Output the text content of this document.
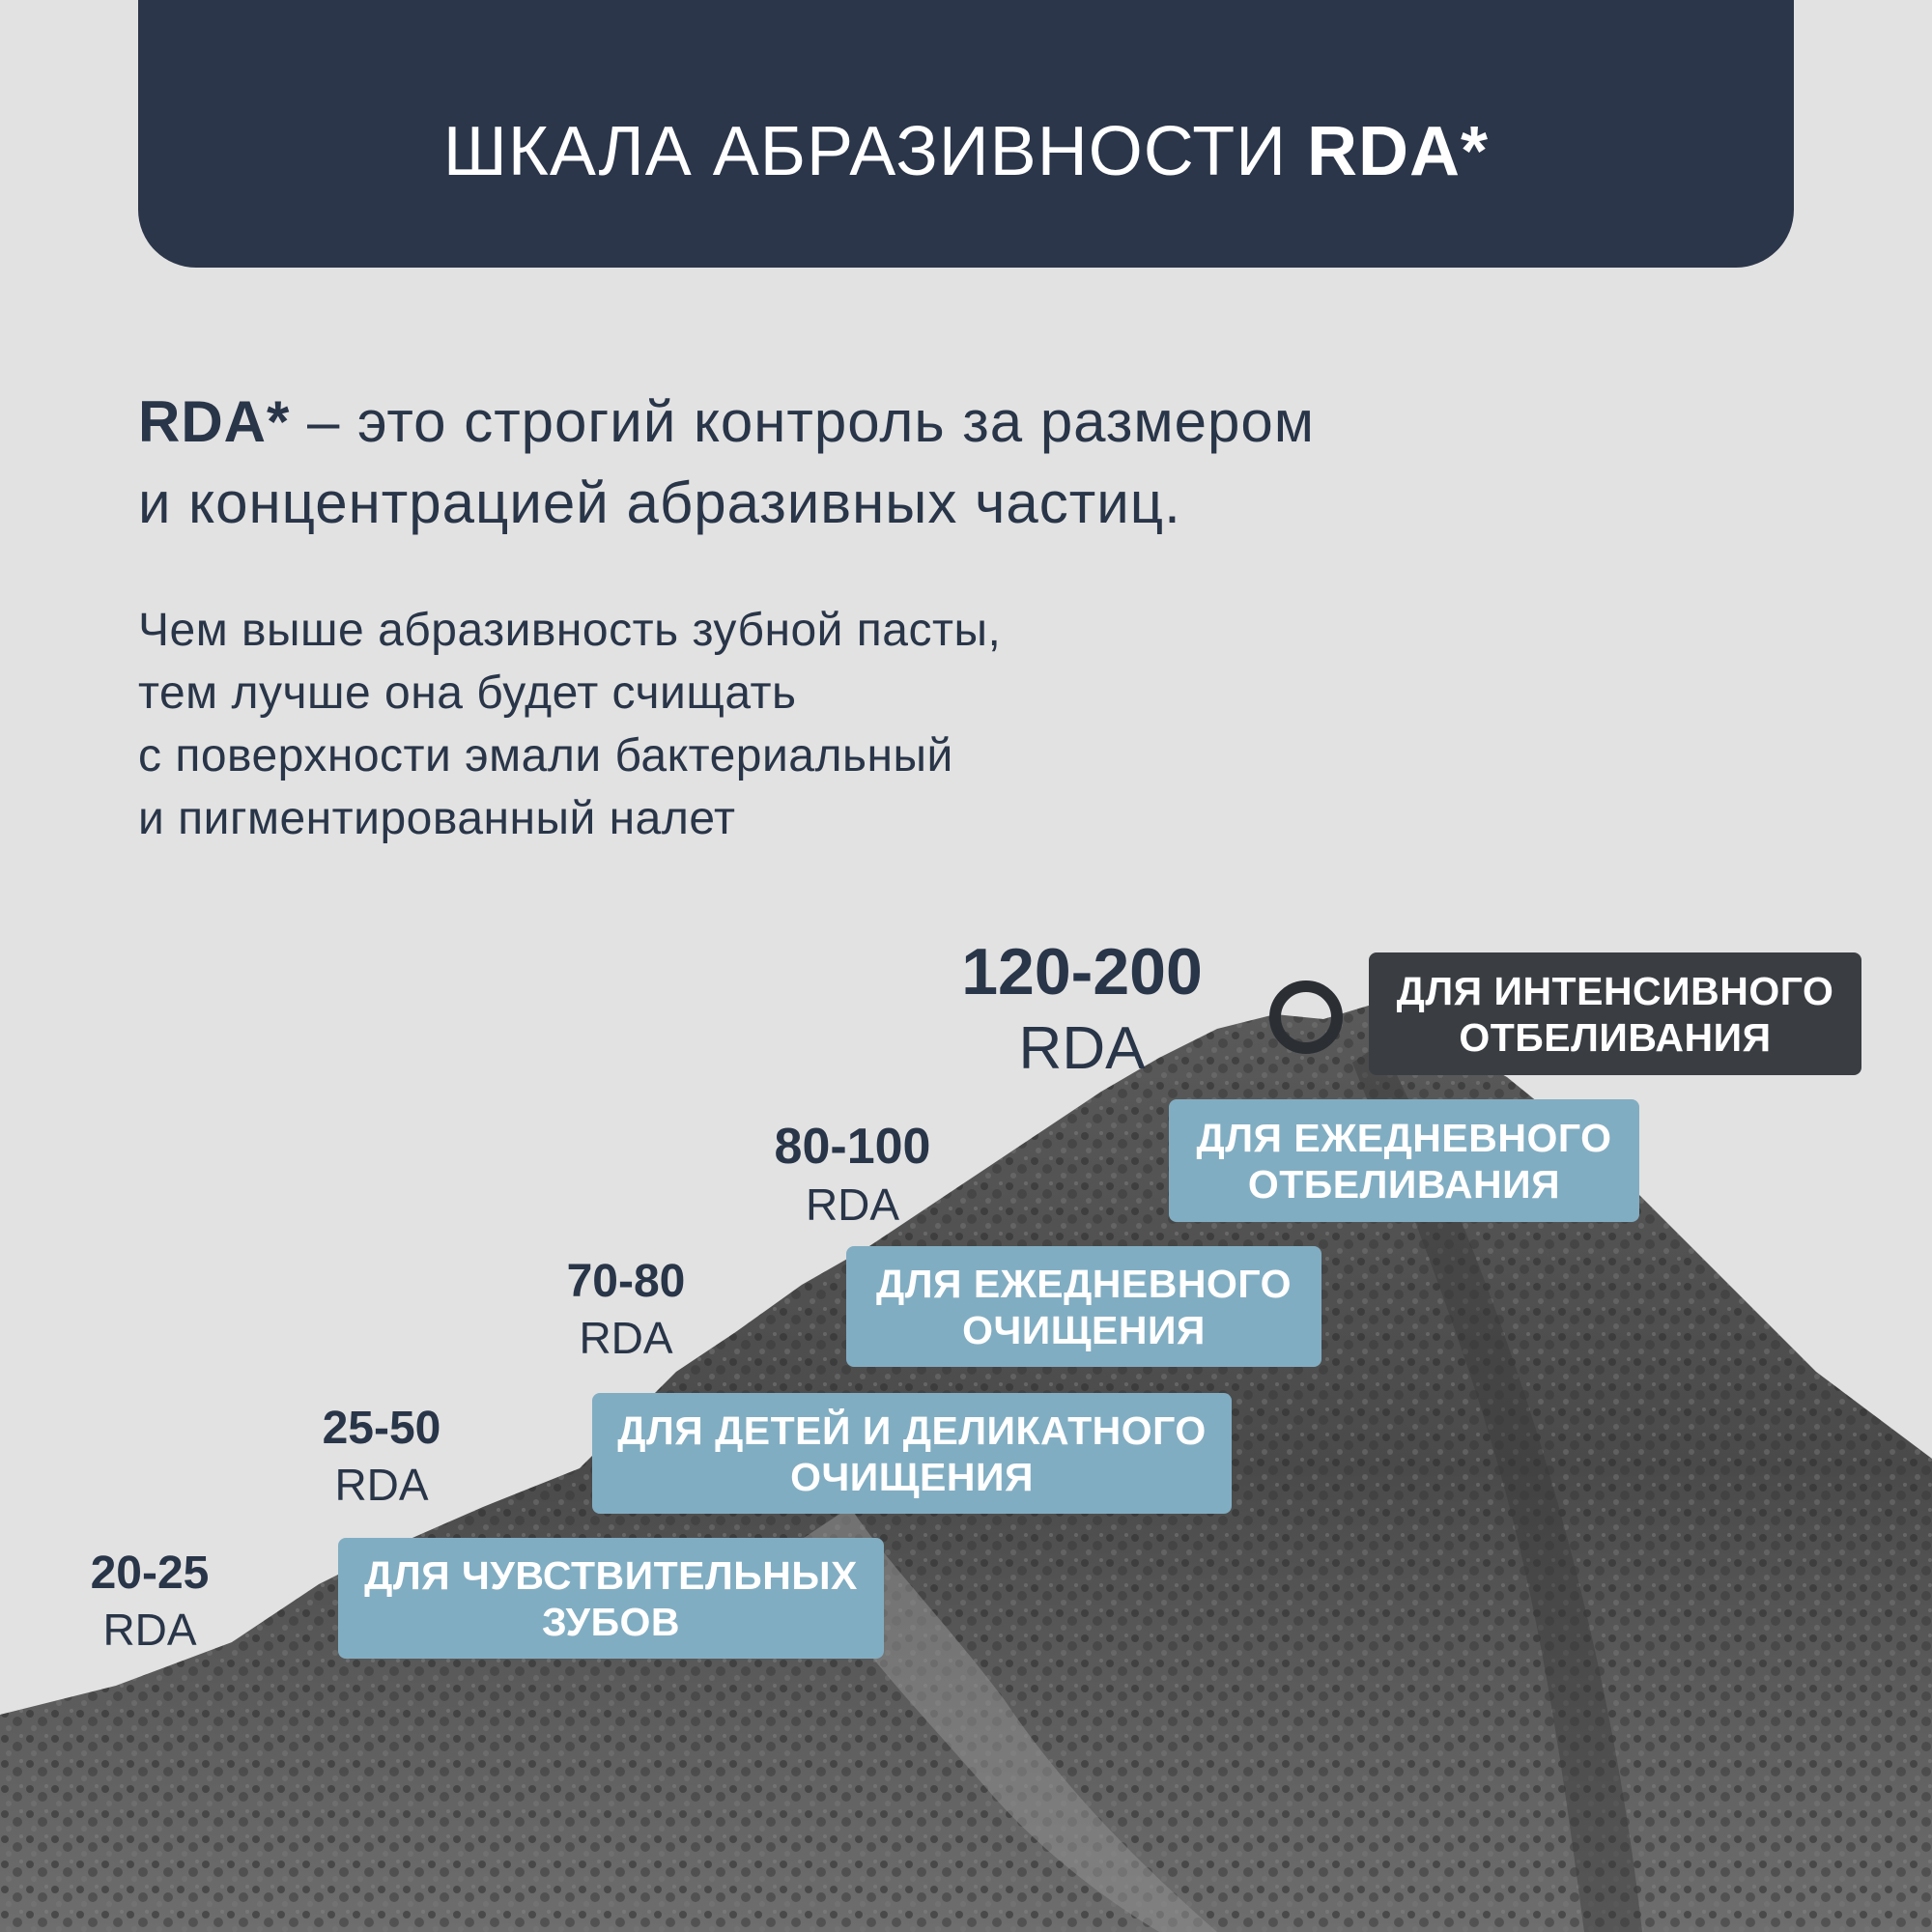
ШКАЛА АБРАЗИВНОСТИ RDA*
RDA* – это строгий контроль за размером
и концентрацией абразивных частиц.
Чем выше абразивность зубной пасты,
тем лучше она будет счищать
с поверхности эмали бактериальный
и пигментированный налет
20-25
RDA
25-50
RDA
70-80
RDA
80-100
RDA
120-200
RDA
ДЛЯ ЧУВСТВИТЕЛЬНЫХ
ЗУБОВ
ДЛЯ ДЕТЕЙ И ДЕЛИКАТНОГО
ОЧИЩЕНИЯ
ДЛЯ ЕЖЕДНЕВНОГО
ОЧИЩЕНИЯ
ДЛЯ ЕЖЕДНЕВНОГО
ОТБЕЛИВАНИЯ
ДЛЯ ИНТЕНСИВНОГО
ОТБЕЛИВАНИЯ
